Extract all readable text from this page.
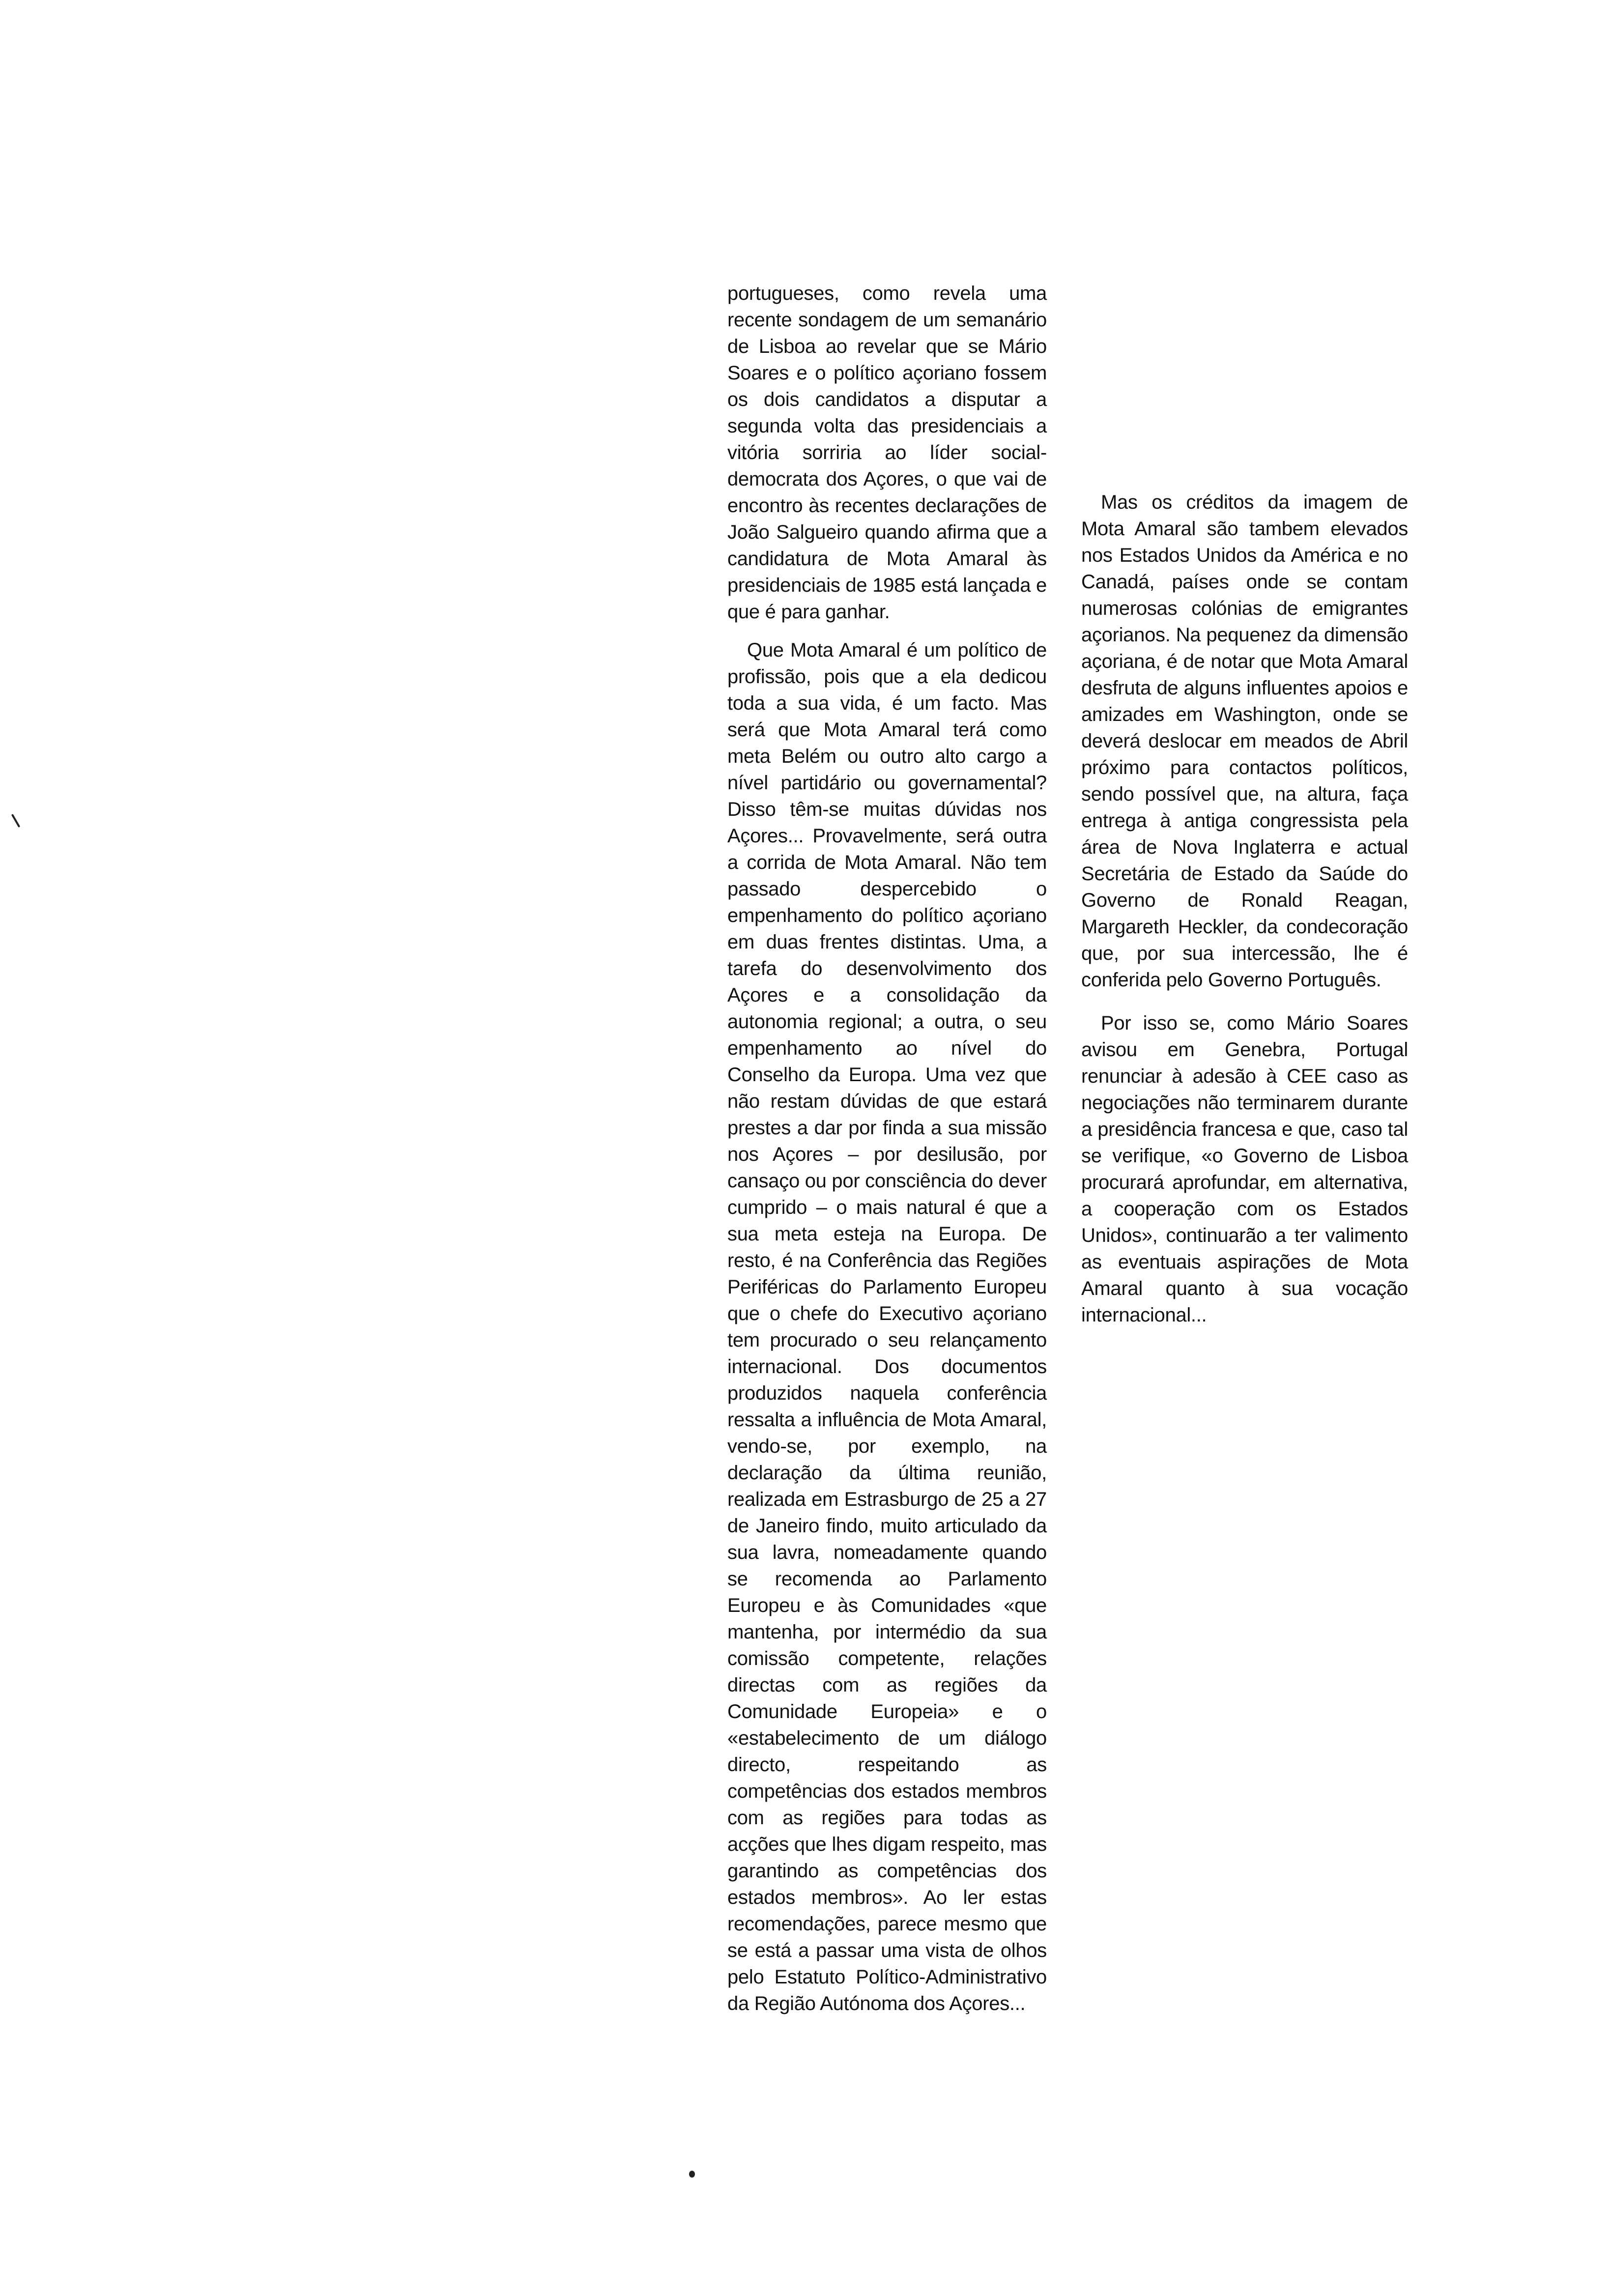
portugueses, como revela uma recente sondagem de um semanário de Lisboa ao revelar que se Mário Soares e o político açoriano fossem os dois candidatos a disputar a segunda volta das presidenciais a vitória sorriria ao líder social-democrata dos Açores, o que vai de encontro às recentes declarações de João Salgueiro quando afirma que a candidatura de Mota Amaral às presidenciais de 1985 está lançada e que é para ganhar.

Que Mota Amaral é um político de profissão, pois que a ela dedicou toda a sua vida, é um facto. Mas será que Mota Amaral terá como meta Belém ou outro alto cargo a nível partidário ou governamental? Disso têm-se muitas dúvidas nos Açores... Provavelmente, será outra a corrida de Mota Amaral. Não tem passado despercebido o empenhamento do político açoriano em duas frentes distintas. Uma, a tarefa do desenvolvimento dos Açores e a consolidação da autonomia regional; a outra, o seu empenhamento ao nível do Conselho da Europa. Uma vez que não restam dúvidas de que estará prestes a dar por finda a sua missão nos Açores – por desilusão, por cansaço ou por consciência do dever cumprido – o mais natural é que a sua meta esteja na Europa. De resto, é na Conferência das Regiões Periféricas do Parlamento Europeu que o chefe do Executivo açoriano tem procurado o seu relançamento internacional. Dos documentos produzidos naquela conferência ressalta a influência de Mota Amaral, vendo-se, por exemplo, na declaração da última reunião, realizada em Estrasburgo de 25 a 27 de Janeiro findo, muito articulado da sua lavra, nomeadamente quando se recomenda ao Parlamento Europeu e às Comunidades «que mantenha, por intermédio da sua comissão competente, relações directas com as regiões da Comunidade Europeia» e o «estabelecimento de um diálogo directo, respeitando as competências dos estados membros com as regiões para todas as acções que lhes digam respeito, mas garantindo as competências dos estados membros». Ao ler estas recomendações, parece mesmo que se está a passar uma vista de olhos pelo Estatuto Político-Administrativo da Região Autónoma dos Açores...

Mas os créditos da imagem de Mota Amaral são tambem elevados nos Estados Unidos da América e no Canadá, países onde se contam numerosas colónias de emigrantes açorianos. Na pequenez da dimensão açoriana, é de notar que Mota Amaral desfruta de alguns influentes apoios e amizades em Washington, onde se deverá deslocar em meados de Abril próximo para contactos políticos, sendo possível que, na altura, faça entrega à antiga congressista pela área de Nova Inglaterra e actual Secretária de Estado da Saúde do Governo de Ronald Reagan, Margareth Heckler, da condecoração que, por sua intercessão, lhe é conferida pelo Governo Português.

Por isso se, como Mário Soares avisou em Genebra, Portugal renunciar à adesão à CEE caso as negociações não terminarem durante a presidência francesa e que, caso tal se verifique, «o Governo de Lisboa procurará aprofundar, em alternativa, a cooperação com os Estados Unidos», continuarão a ter valimento as eventuais aspirações de Mota Amaral quanto à sua vocação internacional...
